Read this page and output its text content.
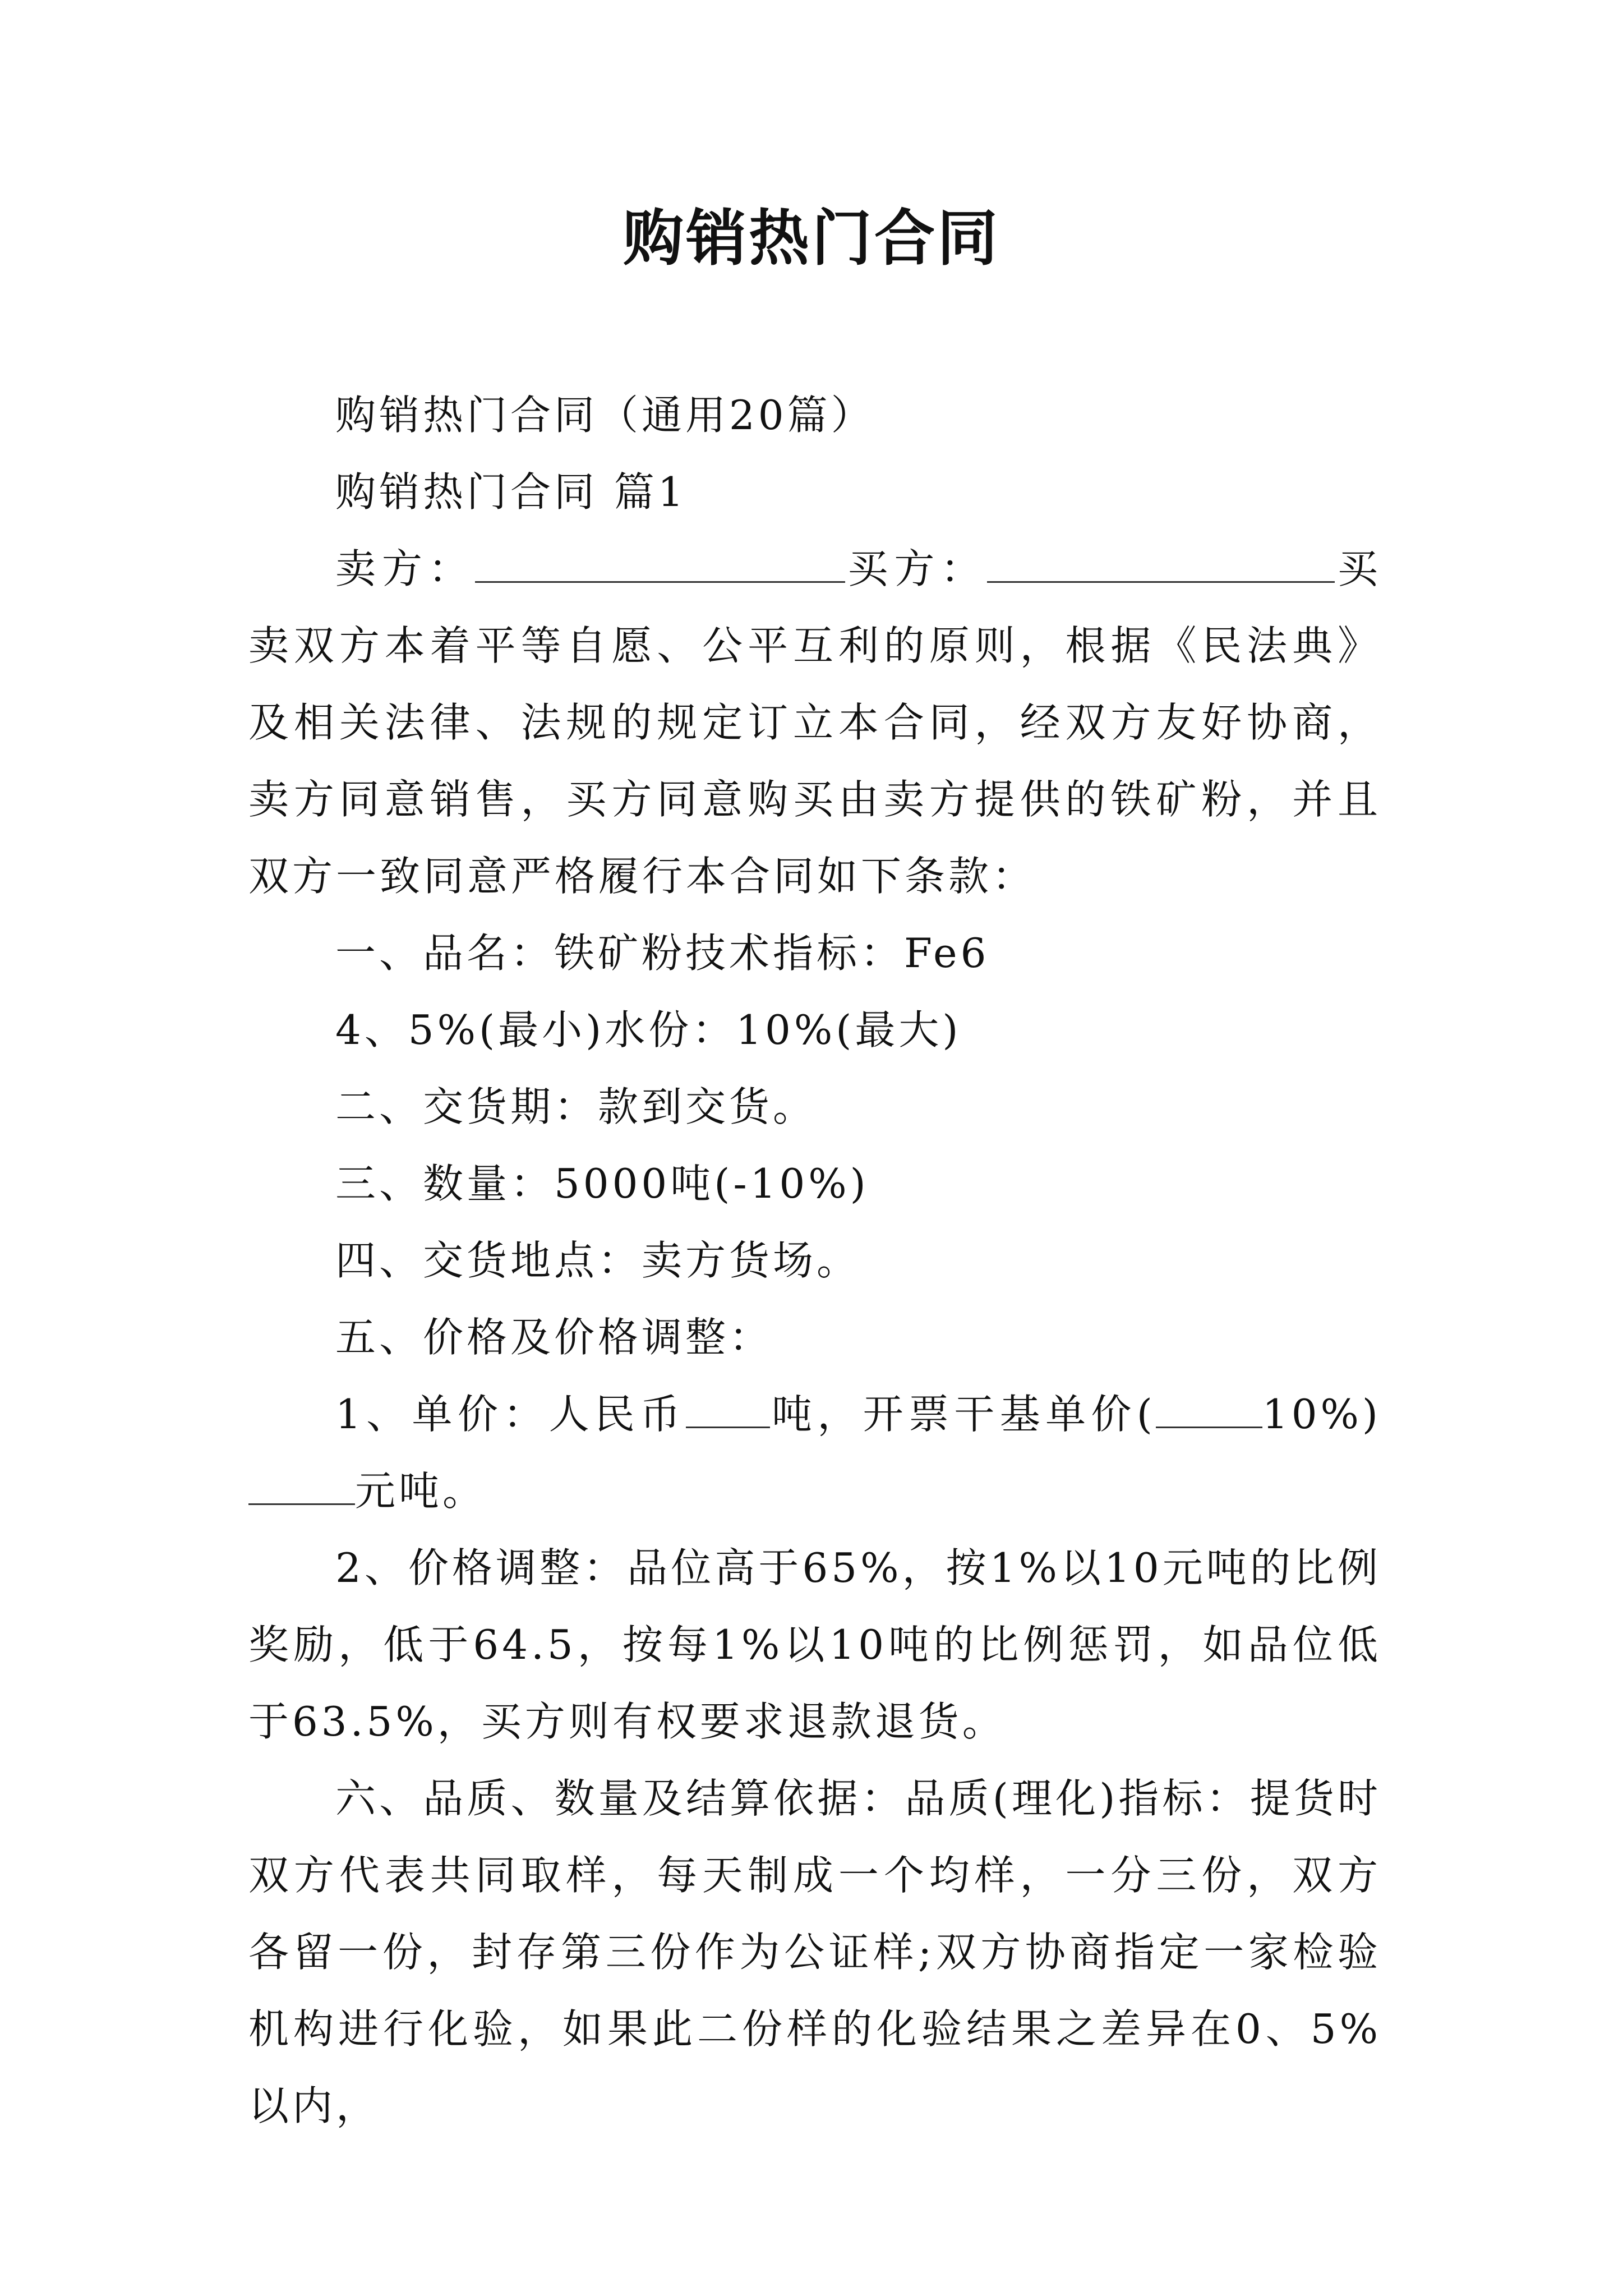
购销热门合同

购销热门合同（通用20篇）

购销热门合同 篇1

卖方：	买方：	买卖双方本着平等自愿、公平互利的原则，根据《民法典》及相关法律、法规的规定订立本合同，经双方友好协商，卖方同意销售，买方同意购买由卖方提供的铁矿粉，并且双方一致同意严格履行本合同如下条款：

一、品名：铁矿粉技术指标：Fe6

4、5%(最小)水份：10%(最大)

二、交货期：款到交货。

三、数量：5000吨(-10%)

四、交货地点：卖方货场。

五、价格及价格调整：

1、单价：人民币 吨，开票干基单价(	10%)元吨。

2、价格调整：品位高于65%，按1%以10元吨的比例奖励，低于64.5，按每1%以10吨的比例惩罚，如品位低于63.5%，买方则有权要求退款退货。

六、品质、数量及结算依据：品质(理化)指标：提货时双方代表共同取样，每天制成一个均样，一分三份，双方各留一份，封存第三份作为公证样;双方协商指定一家检验机构进行化验，如果此二份样的化验结果之差异在0、5%以内，
